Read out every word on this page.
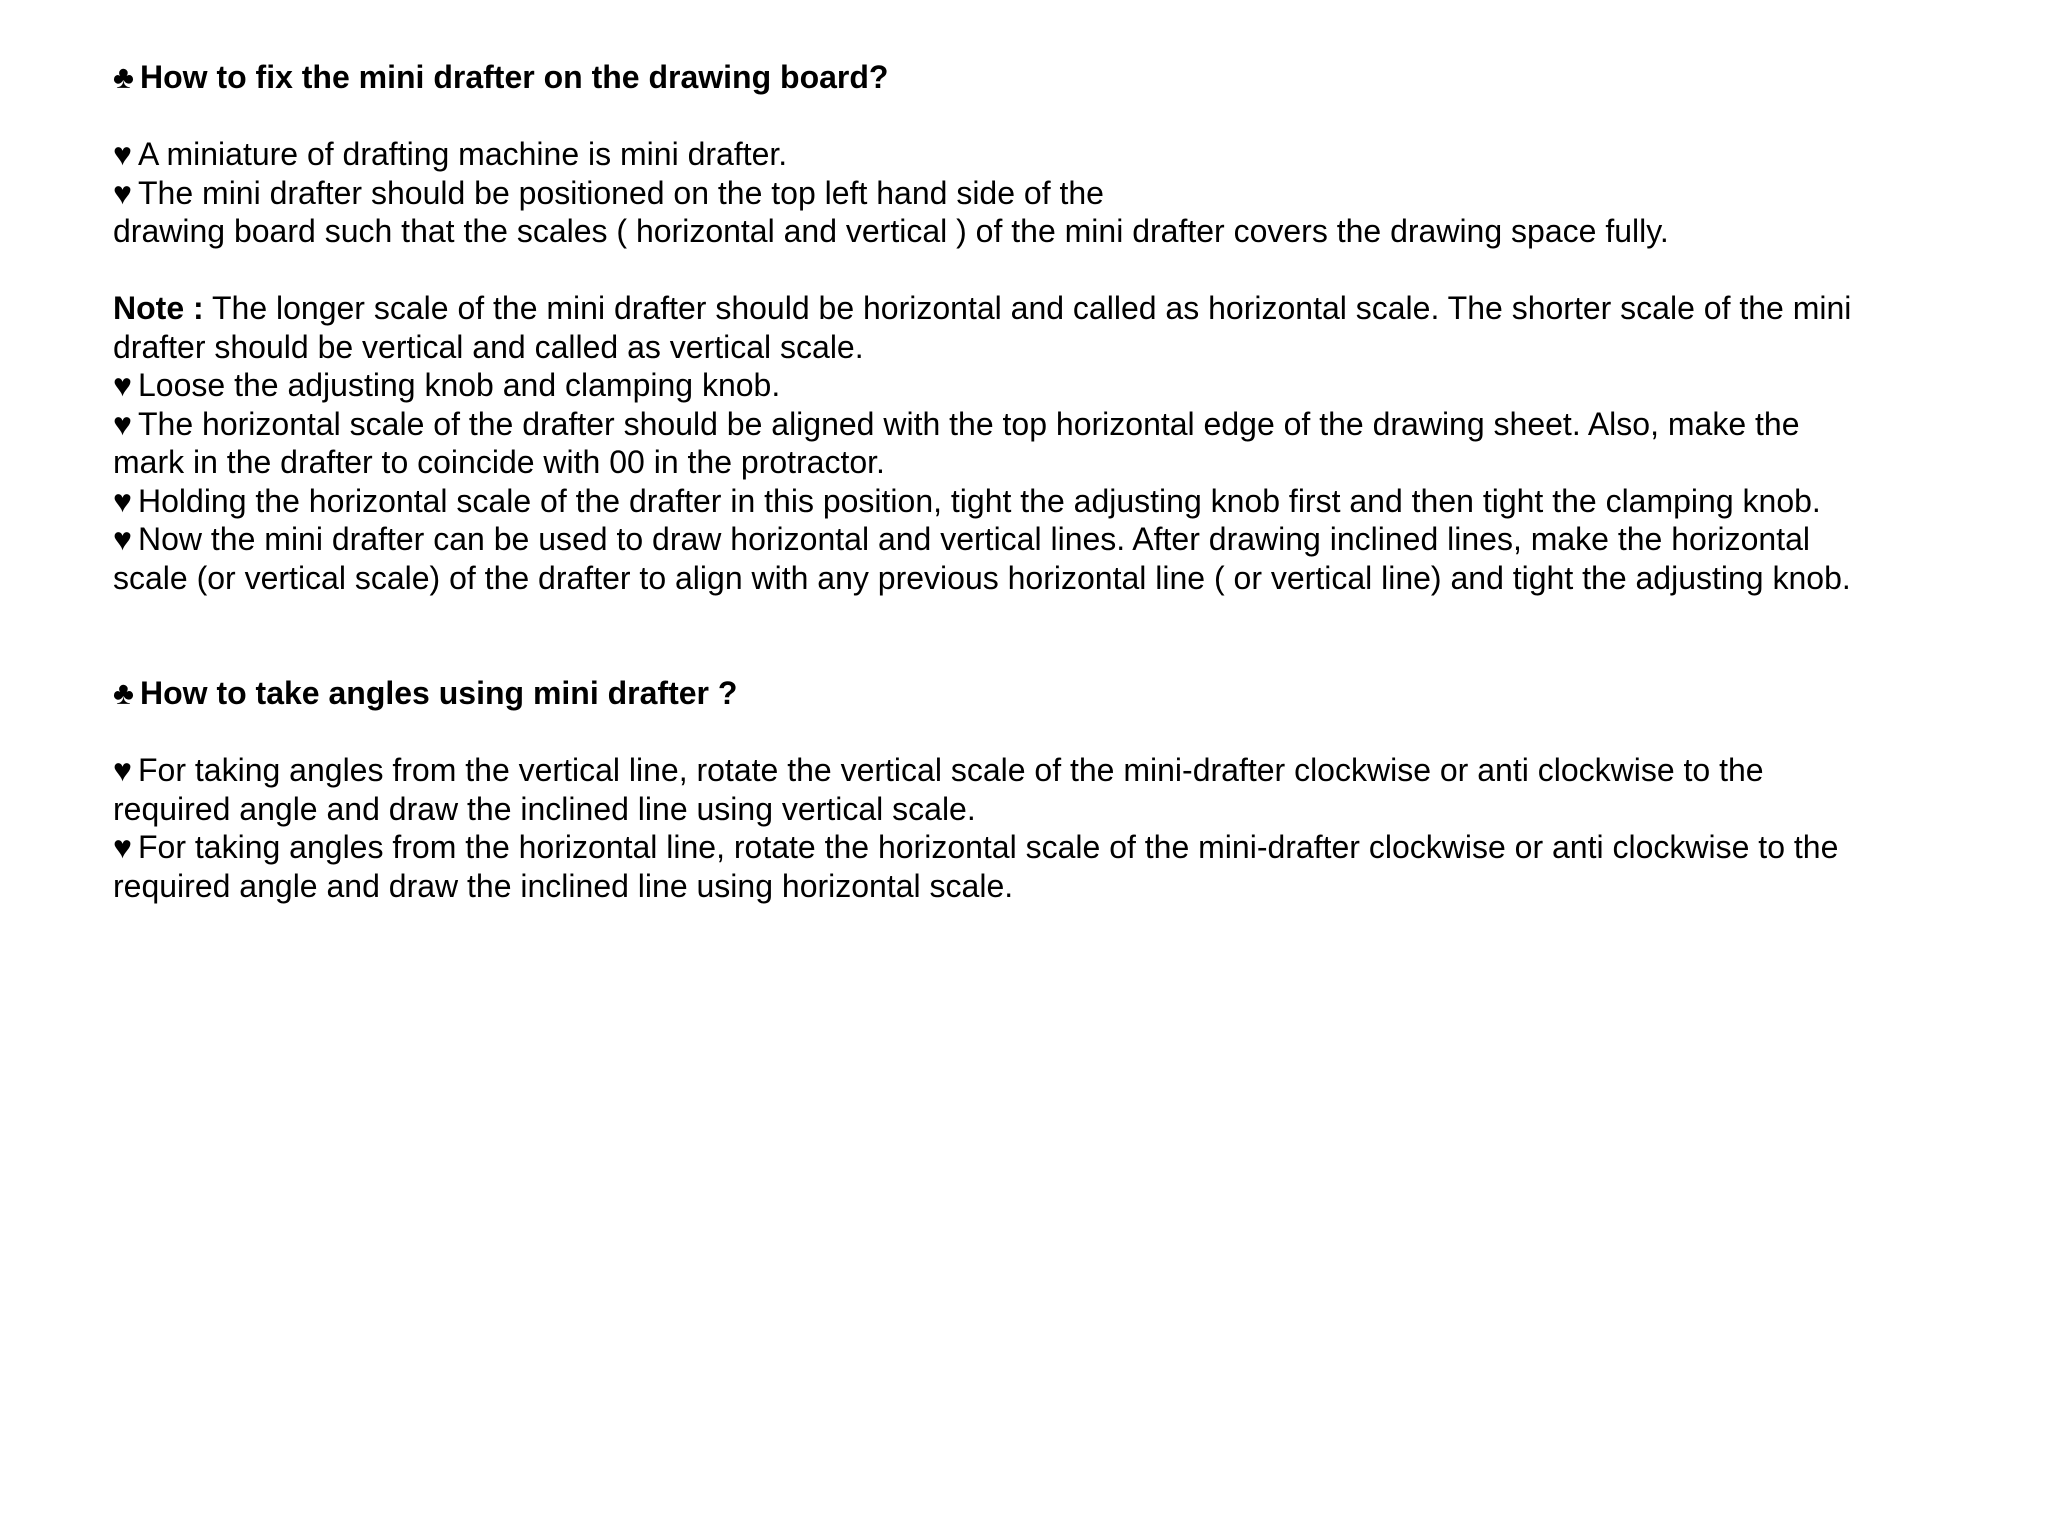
♣ How to fix the mini drafter on the drawing board?

♥ A miniature of drafting machine is mini drafter.

♥ The mini drafter should be positioned on the top left hand side of the

drawing board such that the scales ( horizontal and vertical ) of the mini drafter covers the drawing space fully.

Note : The longer scale of the mini drafter should be horizontal and called as horizontal scale. The shorter scale of the mini

drafter should be vertical and called as vertical scale.

♥ Loose the adjusting knob and clamping knob.

♥ The horizontal scale of the drafter should be aligned with the top horizontal edge of the drawing sheet. Also, make the

mark in the drafter to coincide with 00 in the protractor.

♥ Holding the horizontal scale of the drafter in this position, tight the adjusting knob first and then tight the clamping knob.

♥ Now the mini drafter can be used to draw horizontal and vertical lines. After drawing inclined lines, make the horizontal

scale (or vertical scale) of the drafter to align with any previous horizontal line ( or vertical line) and tight the adjusting knob.

♣ How to take angles using mini drafter ?

♥ For taking angles from the vertical line, rotate the vertical scale of the mini-drafter clockwise or anti clockwise to the

required angle and draw the inclined line using vertical scale.

♥ For taking angles from the horizontal line, rotate the horizontal scale of the mini-drafter clockwise or anti clockwise to the

required angle and draw the inclined line using horizontal scale.
